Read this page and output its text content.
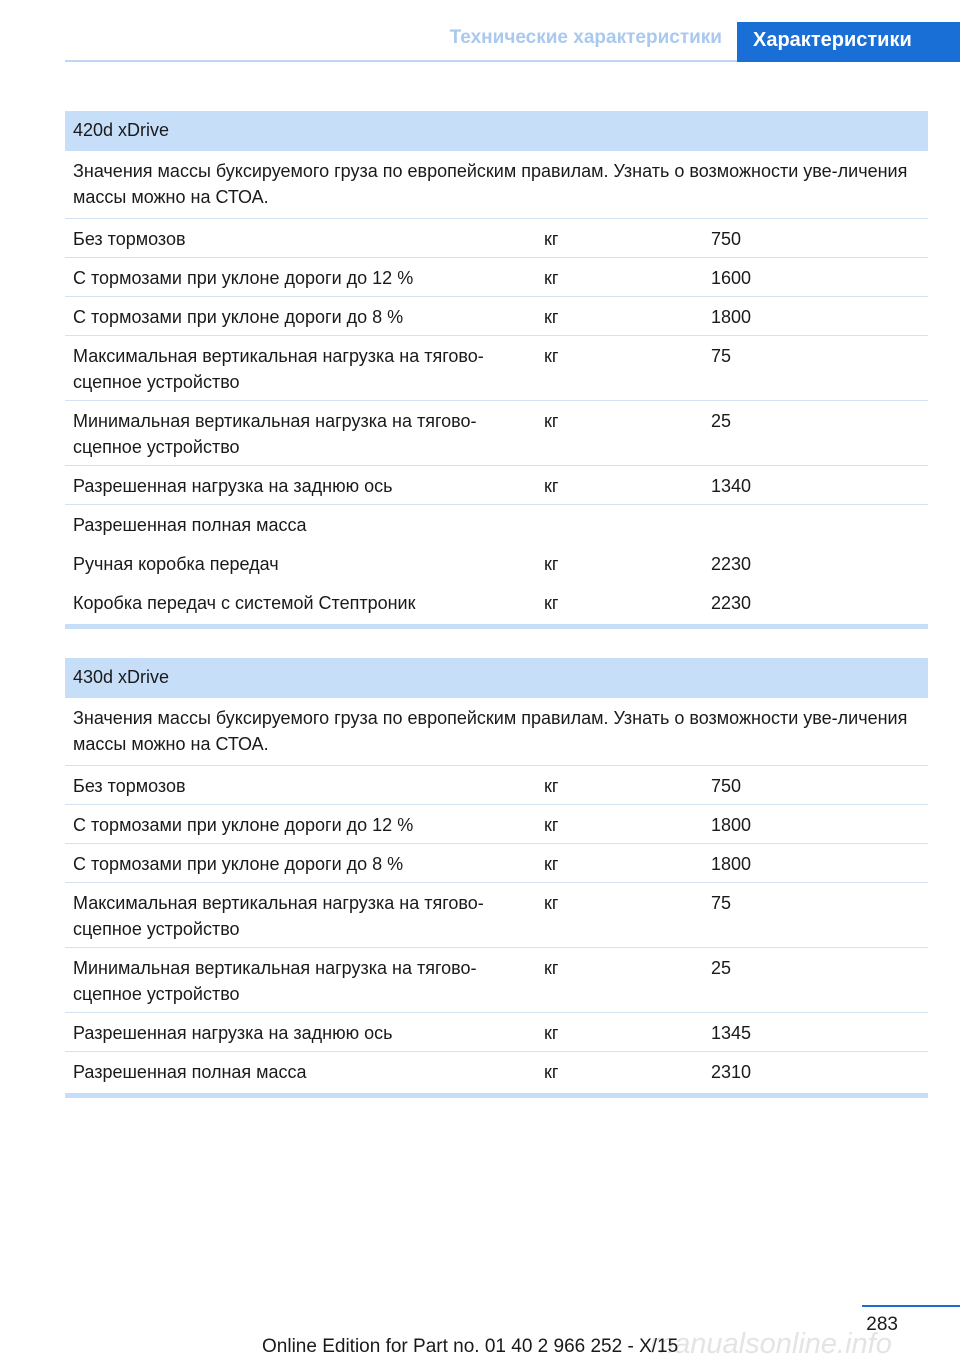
Технические характеристики	Характеристики
420d xDrive
Значения массы буксируемого груза по европейским правилам. Узнать о возможности уве-личения массы можно на СТОА.
Без тормозов	кг	750
С тормозами при уклоне дороги до 12 %	кг	1600
С тормозами при уклоне дороги до 8 %	кг	1800
Максимальная вертикальная нагрузка на тягово-
сцепное устройство
кг	75
Минимальная вертикальная нагрузка на тягово-
сцепное устройство
кг	25
Разрешенная нагрузка на заднюю ось	кг	1340
Разрешенная полная масса
Ручная коробка передач	кг	2230
Коробка передач с системой Стептроник	кг	2230
430d xDrive
Значения массы буксируемого груза по европейским правилам. Узнать о возможности уве-личения массы можно на СТОА.
Без тормозов	кг	750
С тормозами при уклоне дороги до 12 %	кг	1800
С тормозами при уклоне дороги до 8 %	кг	1800
Максимальная вертикальная нагрузка на тягово-
сцепное устройство
кг	75
Минимальная вертикальная нагрузка на тягово-
сцепное устройство
кг	25
Разрешенная нагрузка на заднюю ось	кг	1345
Разрешенная полная масса	кг	2310
283
manualsonline.info
Online Edition for Part no. 01 40 2 966 252 - X/15
